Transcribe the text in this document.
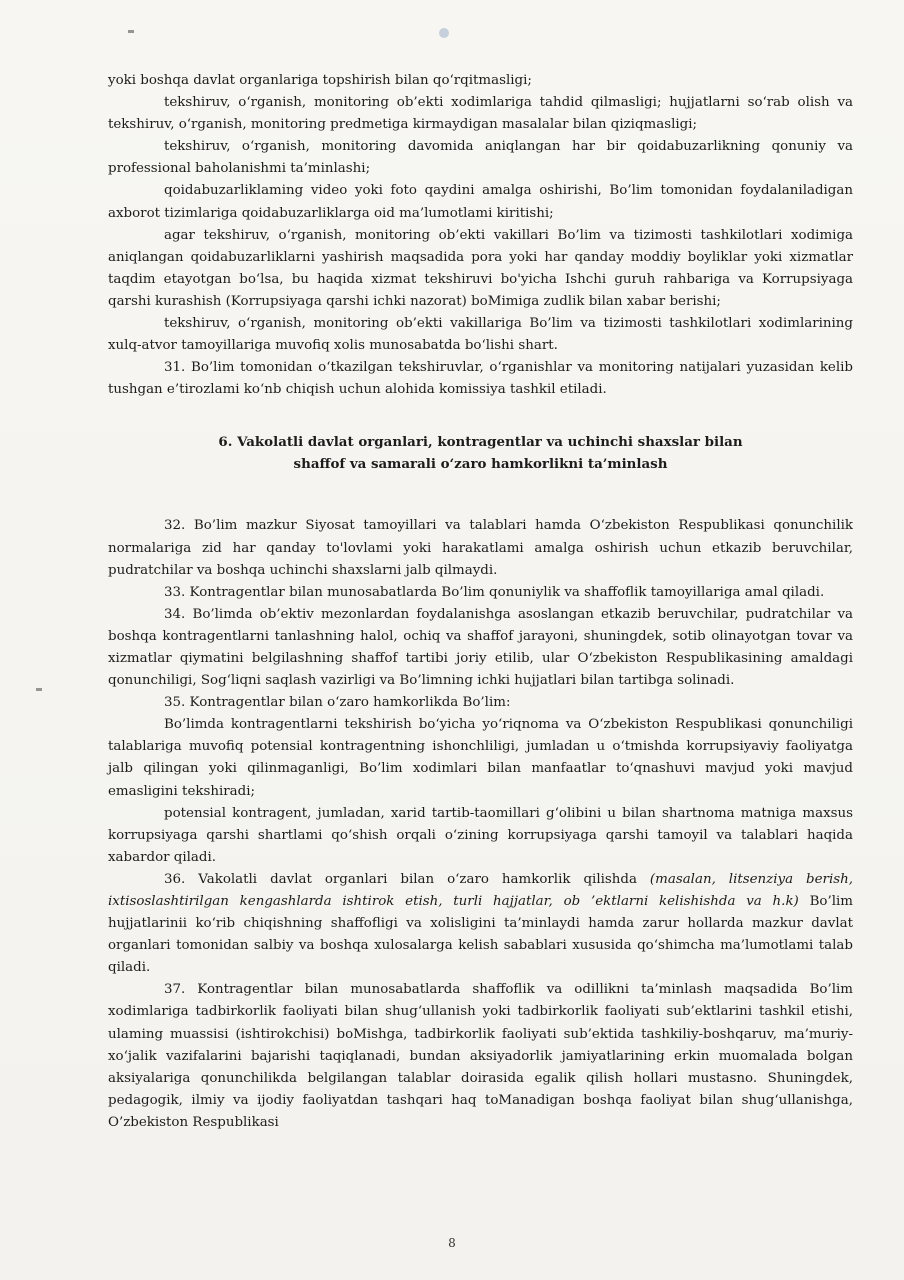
yoki boshqa davlat organlariga topshirish bilan qo‘rqitmasligi;

tekshiruv, o‘rganish, monitoring ob’ekti xodimlariga tahdid qilmasligi; hujjatlarni so‘rab olish va tekshiruv, o‘rganish, monitoring predmetiga kirmaydigan masalalar bilan qiziqmasligi;

tekshiruv, o‘rganish, monitoring davomida aniqlangan har bir qoidabuzarlikning qonuniy va professional baholanishmi ta’minlashi;

qoidabuzarliklaming video yoki foto qaydini amalga oshirishi, Bo’lim tomonidan foydalaniladigan axborot tizimlariga qoidabuzarliklarga oid ma’lumotlami kiritishi;

agar tekshiruv, o‘rganish, monitoring ob’ekti vakillari Bo’lim va tizimosti tashkilotlari xodimiga aniqlangan qoidabuzarliklarni yashirish maqsadida pora yoki har qanday moddiy boyliklar yoki xizmatlar taqdim etayotgan bo‘lsa, bu haqida xizmat tekshiruvi bo'yicha Ishchi guruh rahbariga va Korrupsiyaga qarshi kurashish (Korrupsiyaga qarshi ichki nazorat) boMimiga zudlik bilan xabar berishi;

tekshiruv, o‘rganish, monitoring ob’ekti vakillariga Bo’lim va tizimosti tashkilotlari xodimlarining xulq-atvor tamoyillariga muvofiq xolis munosabatda bo‘lishi shart.

31. Bo’lim tomonidan o‘tkazilgan tekshiruvlar, o‘rganishlar va monitoring natijalari yuzasidan kelib tushgan e’tirozlami ko‘nb chiqish uchun alohida komissiya tashkil etiladi.

6. Vakolatli davlat organlari, kontragentlar va uchinchi shaxslar bilan
shaffof va samarali o‘zaro hamkorlikni ta’minlash

32. Bo’lim mazkur Siyosat tamoyillari va talablari hamda O‘zbekiston Respublikasi qonunchilik normalariga zid har qanday to'lovlami yoki harakatlami amalga oshirish uchun etkazib beruvchilar, pudratchilar va boshqa uchinchi shaxslarni jalb qilmaydi.

33. Kontragentlar bilan munosabatlarda Bo’lim qonuniylik va shaffoflik tamoyillariga amal qiladi.

34. Bo’limda ob’ektiv mezonlardan foydalanishga asoslangan etkazib beruvchilar, pudratchilar va boshqa kontragentlarni tanlashning halol, ochiq va shaffof jarayoni, shuningdek, sotib olinayotgan tovar va xizmatlar qiymatini belgilashning shaffof tartibi joriy etilib, ular O‘zbekiston Respublikasining amaldagi qonunchiligi, Sog‘liqni saqlash vazirligi va Bo’limning ichki hujjatlari bilan tartibga solinadi.

35. Kontragentlar bilan o‘zaro hamkorlikda Bo’lim:

Bo’limda kontragentlarni tekshirish bo‘yicha yo‘riqnoma va O‘zbekiston Respublikasi qonunchiligi talablariga muvofiq potensial kontragentning ishonchliligi, jumladan u o‘tmishda korrupsiyaviy faoliyatga jalb qilingan yoki qilinmaganligi, Bo’lim xodimlari bilan manfaatlar to‘qnashuvi mavjud yoki mavjud emasligini tekshiradi;

potensial kontragent, jumladan, xarid tartib-taomillari g‘olibini u bilan shartnoma matniga maxsus korrupsiyaga qarshi shartlami qo‘shish orqali o‘zining korrupsiyaga qarshi tamoyil va talablari haqida xabardor qiladi.

36. Vakolatli davlat organlari bilan o‘zaro hamkorlik qilishda (masalan, litsenziya berish, ixtisoslashtirilgan kengashlarda ishtirok etish, turli hajjatlar, ob ’ektlarni kelishishda va h.k) Bo’lim hujjatlarinii ko‘rib chiqishning shaffofligi va xolisligini ta’minlaydi hamda zarur hollarda mazkur davlat organlari tomonidan salbiy va boshqa xulosalarga kelish sabablari xususida qo‘shimcha ma’lumotlami talab qiladi.

37. Kontragentlar bilan munosabatlarda shaffoflik va odillikni ta’minlash maqsadida Bo’lim xodimlariga tadbirkorlik faoliyati bilan shug‘ullanish yoki tadbirkorlik faoliyati sub’ektlarini tashkil etishi, ulaming muassisi (ishtirokchisi) boMishga, tadbirkorlik faoliyati sub’ektida tashkiliy-boshqaruv, ma’muriy-xo‘jalik vazifalarini bajarishi taqiqlanadi, bundan aksiyadorlik jamiyatlarining erkin muomalada bolgan aksiyalariga qonunchilikda belgilangan talablar doirasida egalik qilish hollari mustasno. Shuningdek, pedagogik, ilmiy va ijodiy faoliyatdan tashqari haq toManadigan boshqa faoliyat bilan shug‘ullanishga, O’zbekiston Respublikasi

8
